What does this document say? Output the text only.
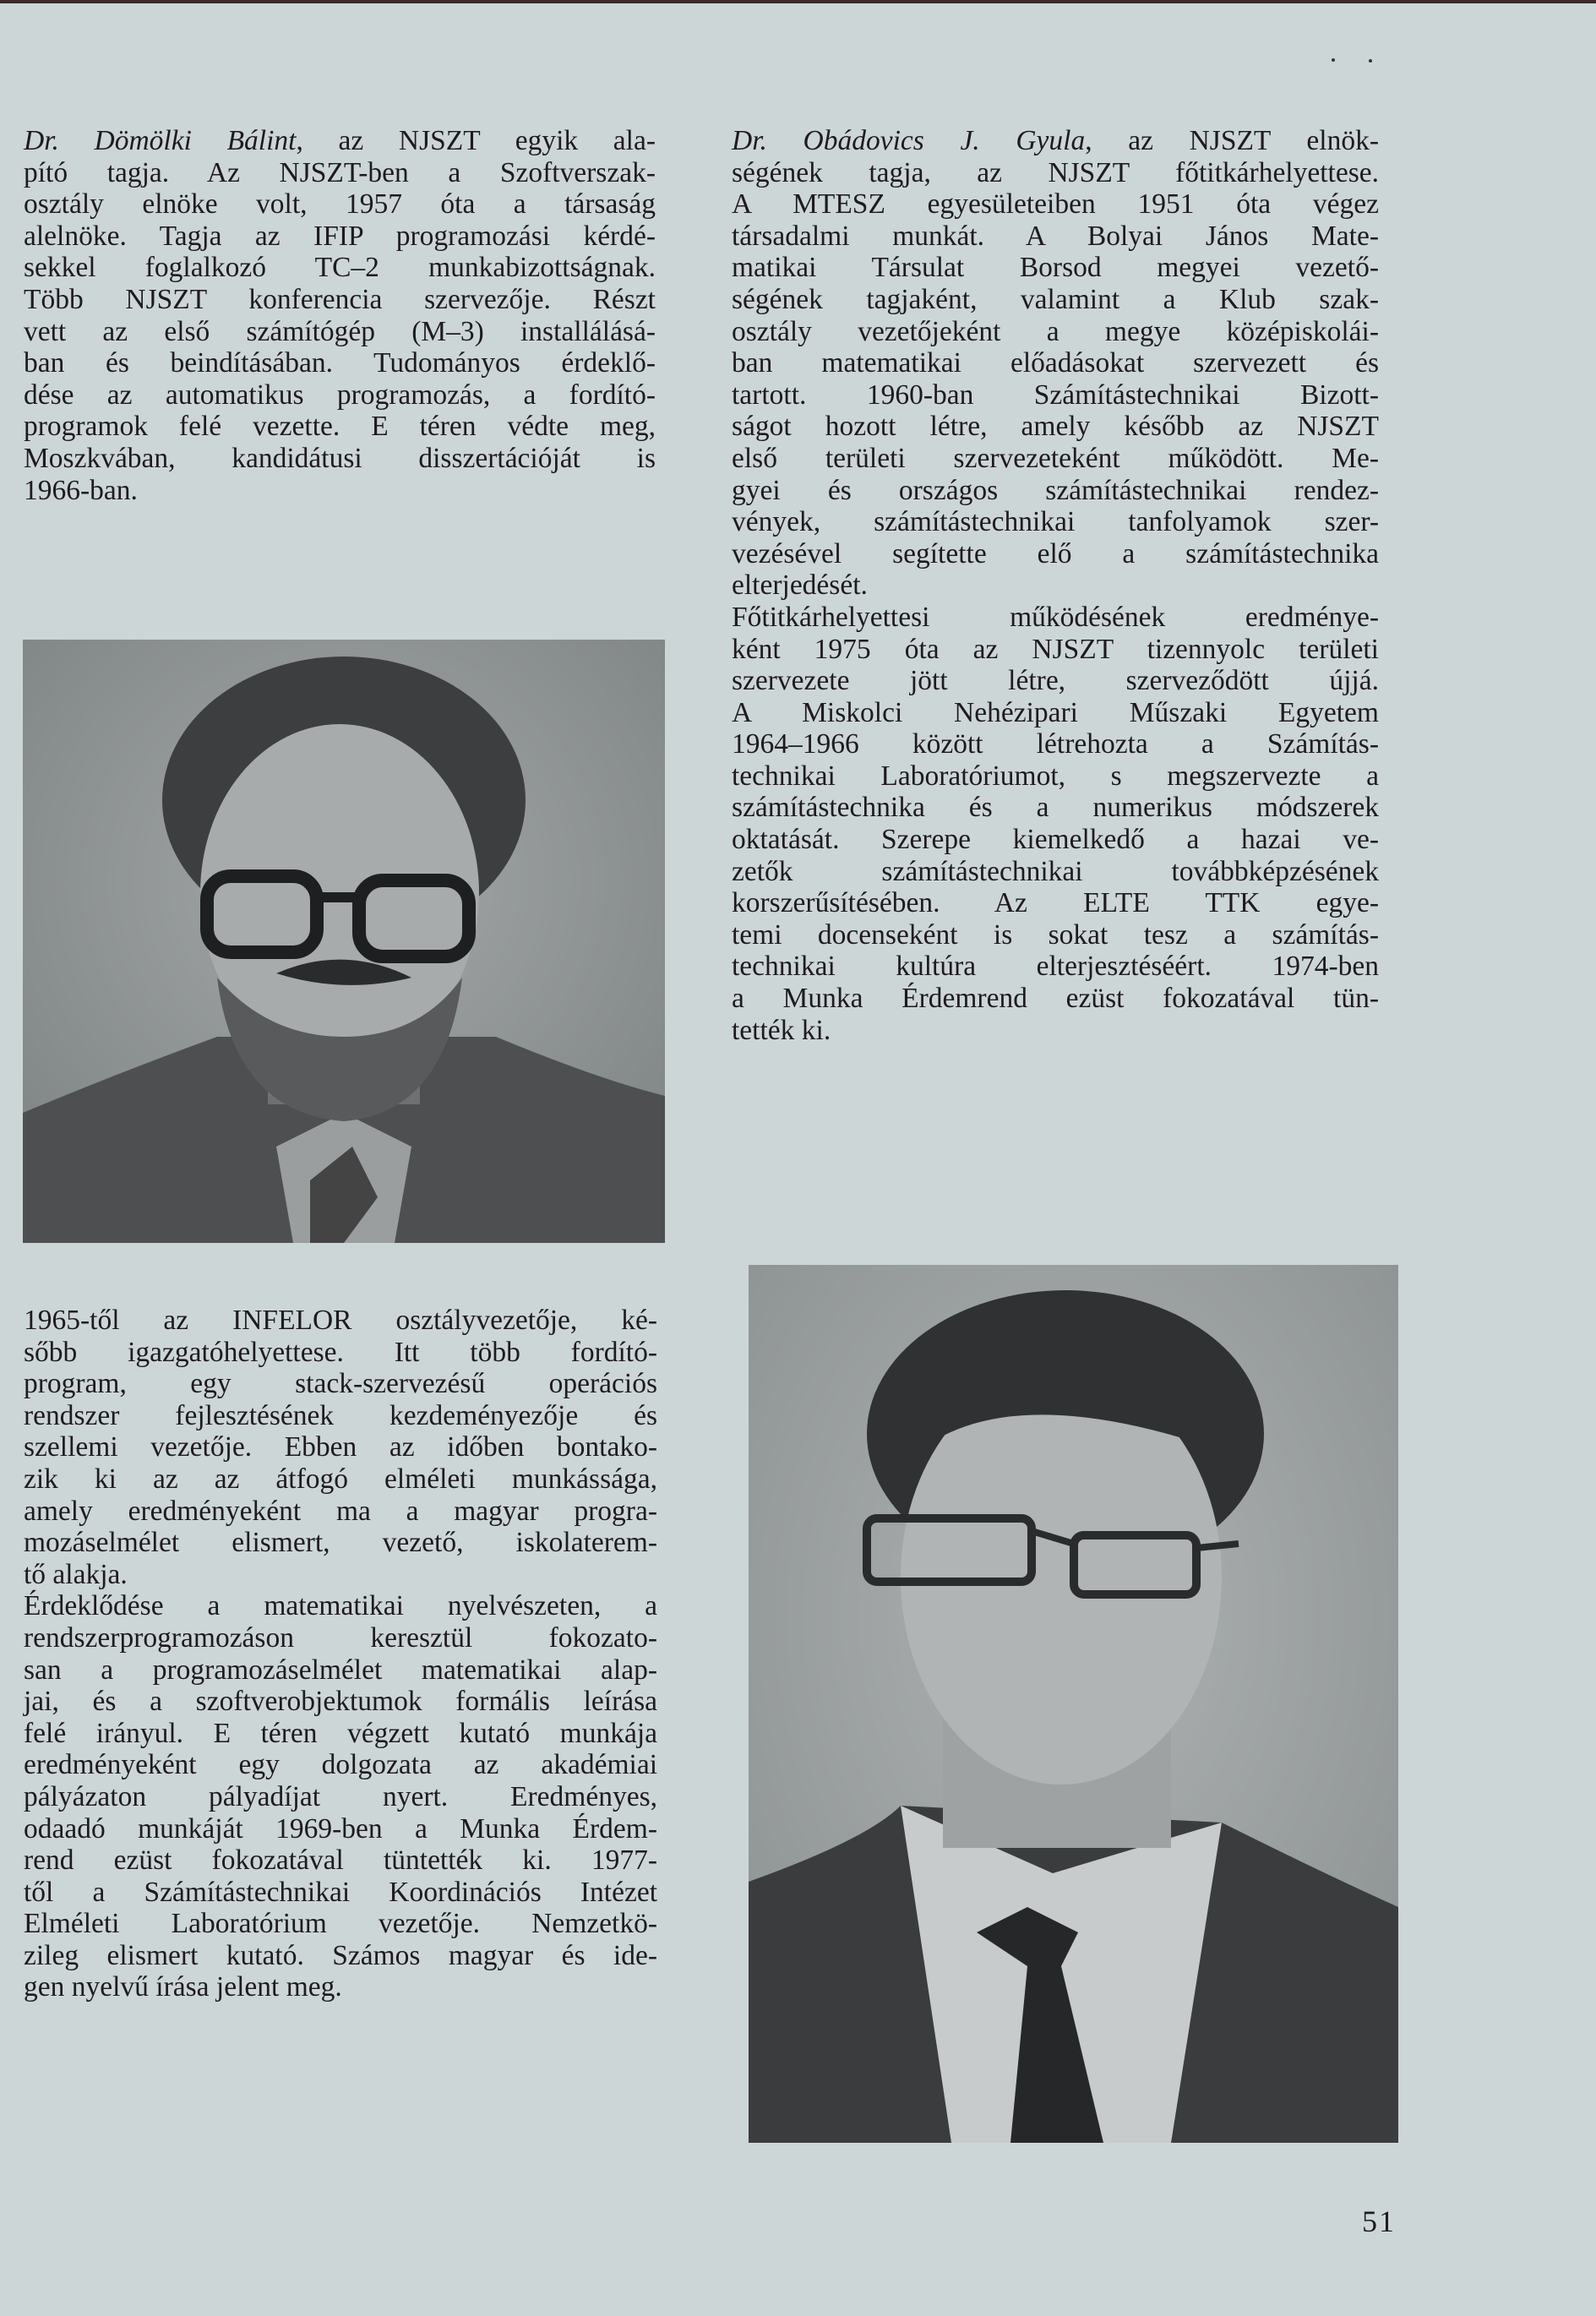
Dr. Dömölki Bálint, az NJSZT egyik ala-
pító tagja. Az NJSZT-ben a Szoftverszak-
osztály elnöke volt, 1957 óta a társaság
alelnöke. Tagja az IFIP programozási kérdé-
sekkel foglalkozó TC–2 munkabizottságnak.
Több NJSZT konferencia szervezője. Részt
vett az első számítógép (M–3) installálásá-
ban és beindításában. Tudományos érdeklő-
dése az automatikus programozás, a fordító-
programok felé vezette. E téren védte meg,
Moszkvában, kandidátusi disszertációját is
1966-ban.
1965-től az INFELOR osztályvezetője, ké-
sőbb igazgatóhelyettese. Itt több fordító-
program, egy stack-szervezésű operációs
rendszer fejlesztésének kezdeményezője és
szellemi vezetője. Ebben az időben bontako-
zik ki az az átfogó elméleti munkássága,
amely eredményeként ma a magyar progra-
mozáselmélet elismert, vezető, iskolaterem-
tő alakja.
Érdeklődése a matematikai nyelvészeten, a
rendszerprogramozáson keresztül fokozato-
san a programozáselmélet matematikai alap-
jai, és a szoftverobjektumok formális leírása
felé irányul. E téren végzett kutató munkája
eredményeként egy dolgozata az akadémiai
pályázaton pályadíjat nyert. Eredményes,
odaadó munkáját 1969-ben a Munka Érdem-
rend ezüst fokozatával tüntették ki. 1977-
től a Számítástechnikai Koordinációs Intézet
Elméleti Laboratórium vezetője. Nemzetkö-
zileg elismert kutató. Számos magyar és ide-
gen nyelvű írása jelent meg.
Dr. Obádovics J. Gyula, az NJSZT elnök-
ségének tagja, az NJSZT főtitkárhelyettese.
A MTESZ egyesületeiben 1951 óta végez
társadalmi munkát. A Bolyai János Mate-
matikai Társulat Borsod megyei vezető-
ségének tagjaként, valamint a Klub szak-
osztály vezetőjeként a megye középiskolái-
ban matematikai előadásokat szervezett és
tartott. 1960-ban Számítástechnikai Bizott-
ságot hozott létre, amely később az NJSZT
első területi szervezeteként működött. Me-
gyei és országos számítástechnikai rendez-
vények, számítástechnikai tanfolyamok szer-
vezésével segítette elő a számítástechnika
elterjedését.
Főtitkárhelyettesi működésének eredménye-
ként 1975 óta az NJSZT tizennyolc területi
szervezete jött létre, szerveződött újjá.
A Miskolci Nehézipari Műszaki Egyetem
1964–1966 között létrehozta a Számítás-
technikai Laboratóriumot, s megszervezte a
számítástechnika és a numerikus módszerek
oktatását. Szerepe kiemelkedő a hazai ve-
zetők számítástechnikai továbbképzésének
korszerűsítésében. Az ELTE TTK egye-
temi docenseként is sokat tesz a számítás-
technikai kultúra elterjesztéséért. 1974-ben
a Munka Érdemrend ezüst fokozatával tün-
tették ki.
51
